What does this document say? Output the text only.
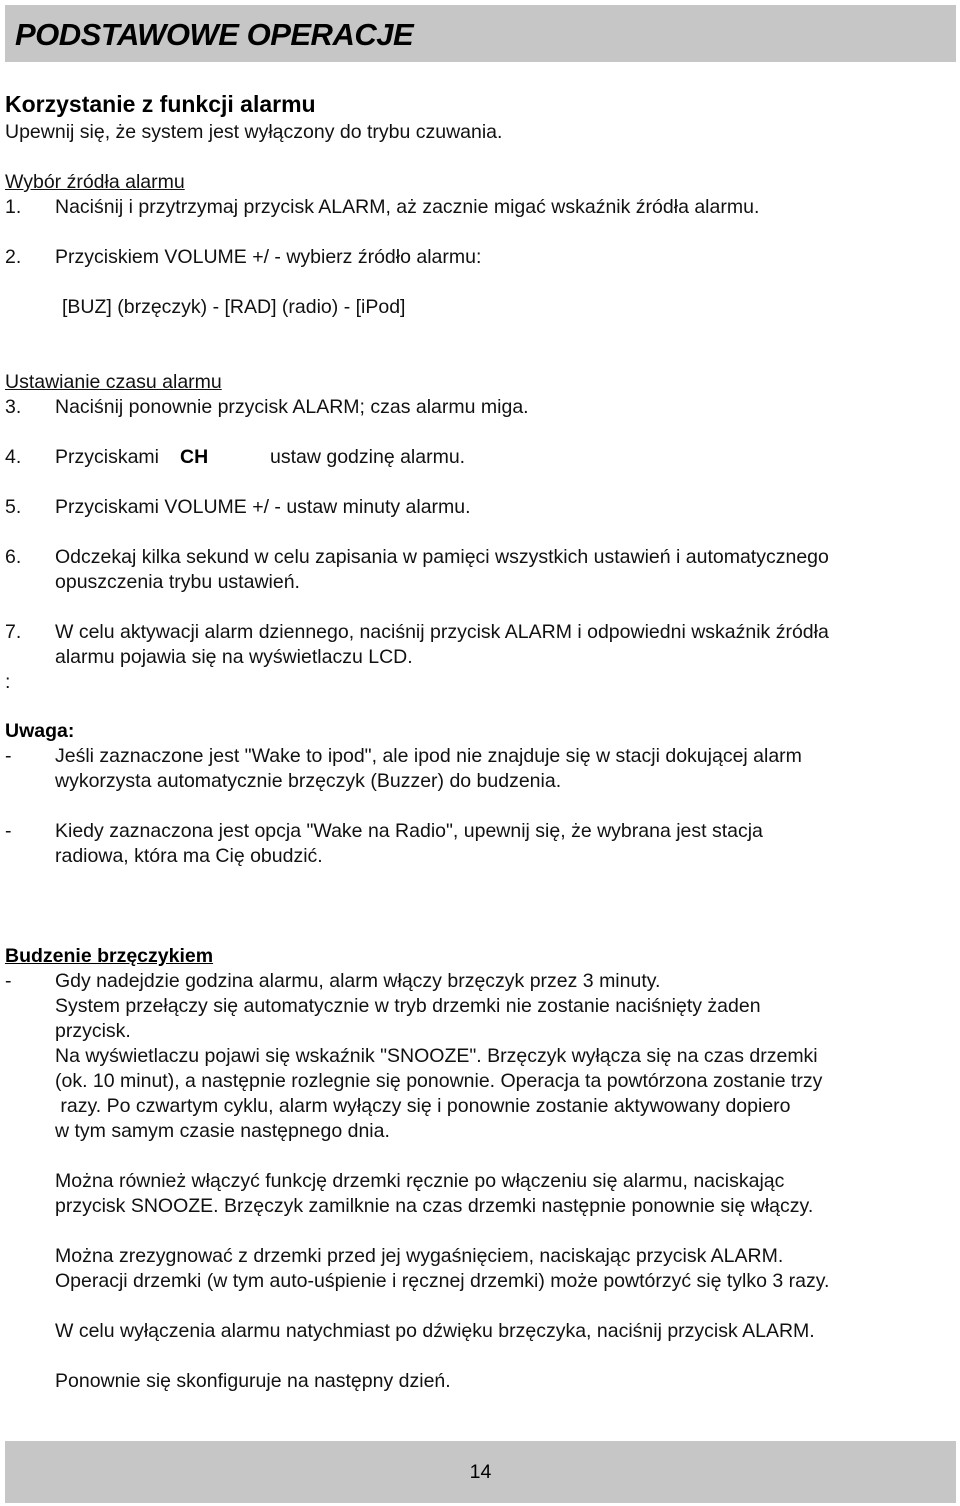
PODSTAWOWE OPERACJE
Korzystanie z funkcji alarmu
Upewnij się, że system jest wyłączony do trybu czuwania.
Wybór źródła alarmu
1.	Naciśnij i przytrzymaj przycisk ALARM, aż zacznie migać wskaźnik źródła alarmu.
2.	Przyciskiem VOLUME +/ - wybierz źródło alarmu:
[BUZ] (brzęczyk) - [RAD] (radio) - [iPod]
Ustawianie czasu alarmu
3.	Naciśnij ponownie przycisk ALARM; czas alarmu miga.
4.	Przyciskami CH	ustaw godzinę alarmu.
5.	Przyciskami VOLUME +/ - ustaw minuty alarmu.
6.	Odczekaj kilka sekund w celu zapisania w pamięci wszystkich ustawień i automatycznego
opuszczenia trybu ustawień.
7.	W celu aktywacji alarm dziennego, naciśnij przycisk ALARM i odpowiedni wskaźnik źródła
alarmu pojawia się na wyświetlaczu LCD.
:
Uwaga:
-	Jeśli zaznaczone jest "Wake to ipod", ale ipod nie znajduje się w stacji dokującej alarm
wykorzysta automatycznie brzęczyk (Buzzer) do budzenia.
-	Kiedy zaznaczona jest opcja "Wake na Radio", upewnij się, że wybrana jest stacja
radiowa, która ma Cię obudzić.
Budzenie brzęczykiem
-	Gdy nadejdzie godzina alarmu, alarm włączy brzęczyk przez 3 minuty.
System przełączy się automatycznie w tryb drzemki nie zostanie naciśnięty żaden
przycisk.
Na wyświetlaczu pojawi się wskaźnik "SNOOZE". Brzęczyk wyłącza się na czas drzemki
(ok. 10 minut), a następnie rozlegnie się ponownie. Operacja ta powtórzona zostanie trzy
razy. Po czwartym cyklu, alarm wyłączy się i ponownie zostanie aktywowany dopiero
w tym samym czasie następnego dnia.
Można również włączyć funkcję drzemki ręcznie po włączeniu się alarmu, naciskając
przycisk SNOOZE. Brzęczyk zamilknie na czas drzemki następnie ponownie się włączy.
Można zrezygnować z drzemki przed jej wygaśnięciem, naciskając przycisk ALARM.
Operacji drzemki (w tym auto-uśpienie i ręcznej drzemki) może powtórzyć się tylko 3 razy.
W celu wyłączenia alarmu natychmiast po dźwięku brzęczyka, naciśnij przycisk ALARM.
Ponownie się skonfiguruje na następny dzień.
14
